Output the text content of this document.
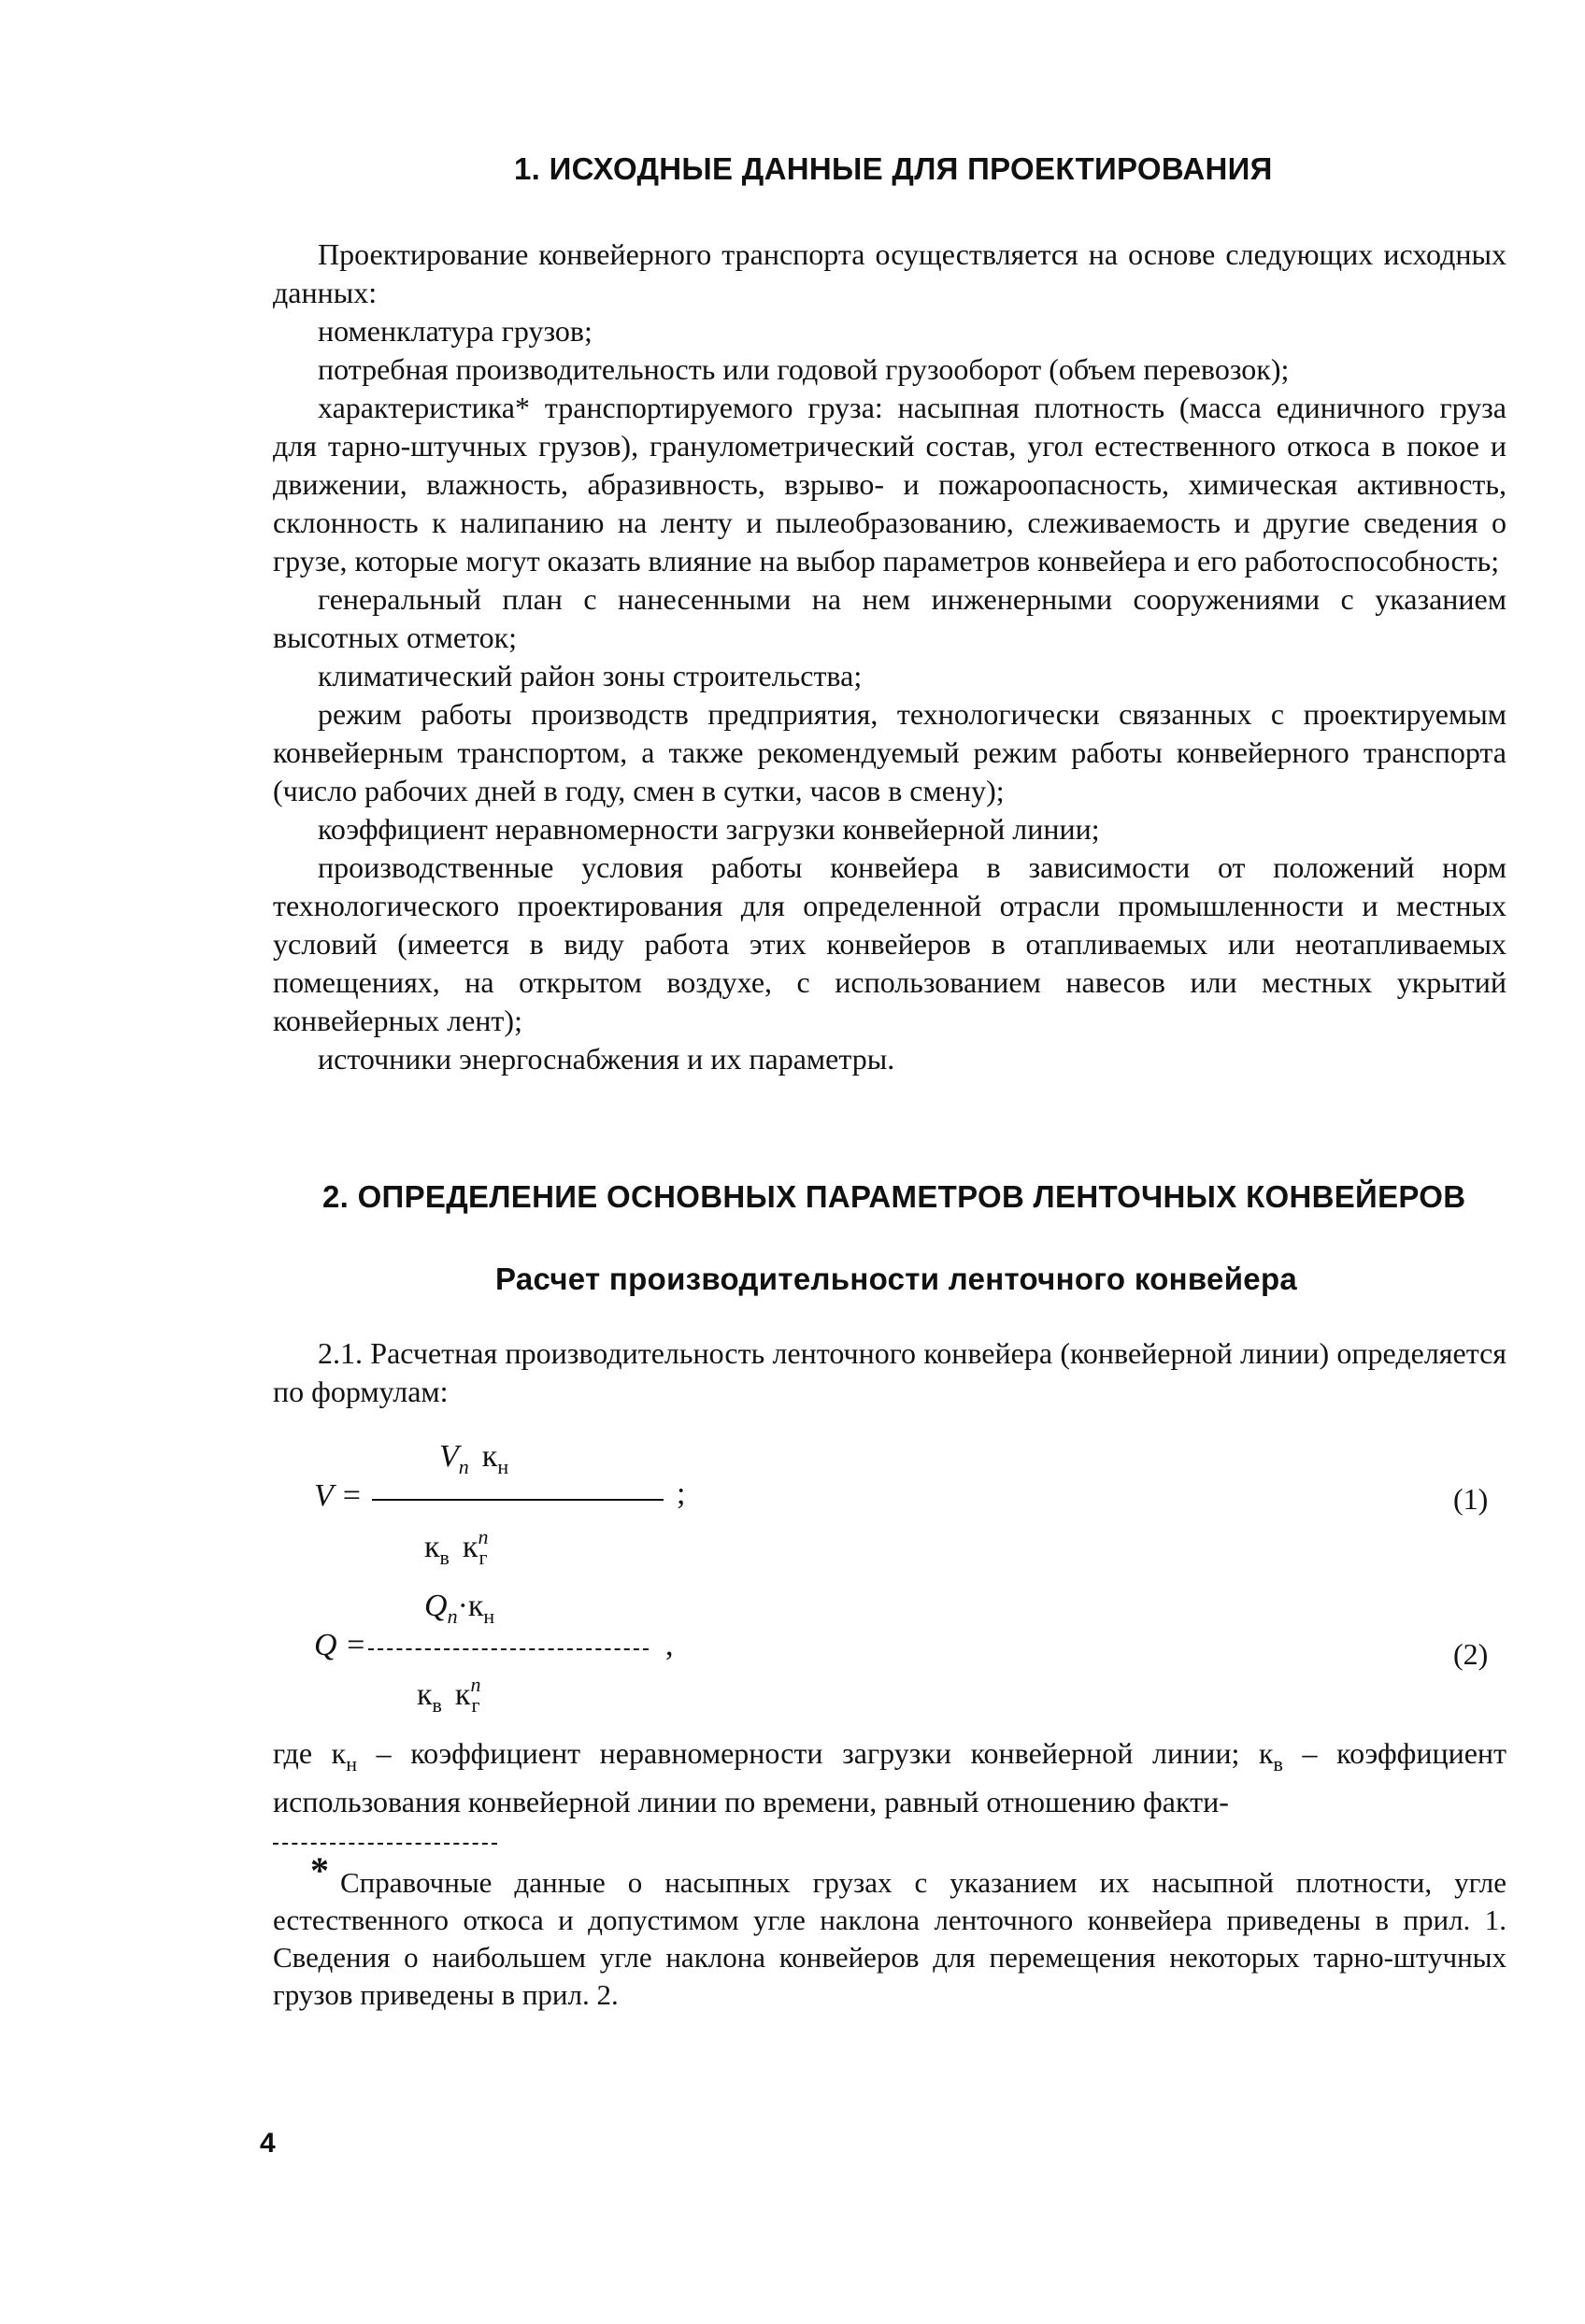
1. ИСХОДНЫЕ ДАННЫЕ ДЛЯ ПРОЕКТИРОВАНИЯ

Проектирование конвейерного транспорта осуществляется на основе следующих исходных данных:

номенклатура грузов;

потребная производительность или годовой грузооборот (объем перевозок);

характеристика* транспортируемого груза: насыпная плотность (масса единичного груза для тарно-штучных грузов), гранулометрический состав, угол естественного откоса в покое и движении, влажность, абразивность, взрыво- и пожароопасность, химическая активность, склонность к налипанию на ленту и пылеобразованию, слеживаемость и другие сведения о грузе, которые могут оказать влияние на выбор параметров конвейера и его работоспособность;

генеральный план с нанесенными на нем инженерными сооружениями с указанием высотных отметок;

климатический район зоны строительства;

режим работы производств предприятия, технологически связанных с проектируемым конвейерным транспортом, а также рекомендуемый режим работы конвейерного транспорта (число рабочих дней в году, смен в сутки, часов в смену);

коэффициент неравномерности загрузки конвейерной линии;

производственные условия работы конвейера в зависимости от положений норм технологического проектирования для определенной отрасли промышленности и местных условий (имеется в виду работа этих конвейеров в отапливаемых или неотапливаемых помещениях, на открытом воздухе, с использованием навесов или местных укрытий конвейерных лент);

источники энергоснабжения и их параметры.

2. ОПРЕДЕЛЕНИЕ ОСНОВНЫХ ПАРАМЕТРОВ ЛЕНТОЧНЫХ КОНВЕЙЕРОВ
Расчет производительности ленточного конвейера

2.1. Расчетная производительность ленточного конвейера (конвейерной линии) определяется по формулам:

$V_п$ $к_н$
V =	;
$к_в$ $к^n_г$
(1)
$Q_п\cdot к_н$
Q =	,
$к_в$ $к^n_г$
(2)

где $к_н$ – коэффициент неравномерности загрузки конвейерной линии; $к_в$ – коэффициент использования конвейерной линии по времени, равный отношению факти-

* Справочные данные о насыпных грузах с указанием их насыпной плотности, угле естественного откоса и допустимом угле наклона ленточного конвейера приведены в прил. 1. Сведения о наибольшем угле наклона конвейеров для перемещения некоторых тарно-штучных грузов приведены в прил. 2.

4
